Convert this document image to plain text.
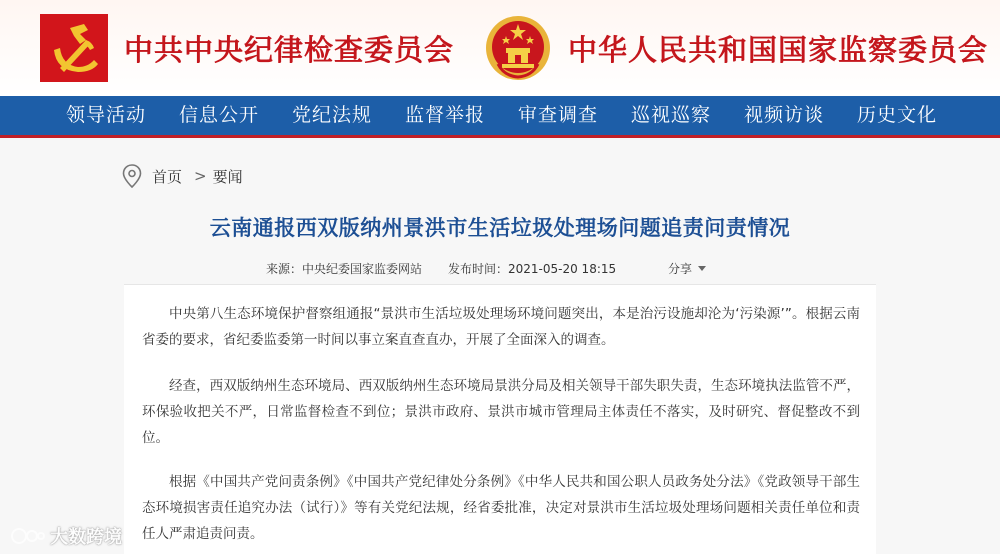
中共中央纪律检查委员会	中华人民共和国国家监察委员会
领导活动 信息公开 党纪法规 监督举报 审查调查 巡视巡察 视频访谈 历史文化
首页 > 要闻
云南通报西双版纳州景洪市生活垃圾处理场问题追责问责情况
来源：中央纪委国家监委网站 发布时间：2021-05-20 18:15	分享

中央第八生态环境保护督察组通报“景洪市生活垃圾处理场环境问题突出，本是治污设施却沦为‘污染源’”。根据云南省委的要求，省纪委监委第一时间以事立案直查直办，开展了全面深入的调查。

经查，西双版纳州生态环境局、西双版纳州生态环境局景洪分局及相关领导干部失职失责，生态环境执法监管不严，环保验收把关不严，日常监督检查不到位；景洪市政府、景洪市城市管理局主体责任不落实，及时研究、督促整改不到位。

根据《中国共产党问责条例》《中国共产党纪律处分条例》《中华人民共和国公职人员政务处分法》《党政领导干部生态环境损害责任追究办法（试行）》等有关党纪法规，经省委批准，决定对景洪市生活垃圾处理场问题相关责任单位和责任人严肃追责问责。

大数跨境
